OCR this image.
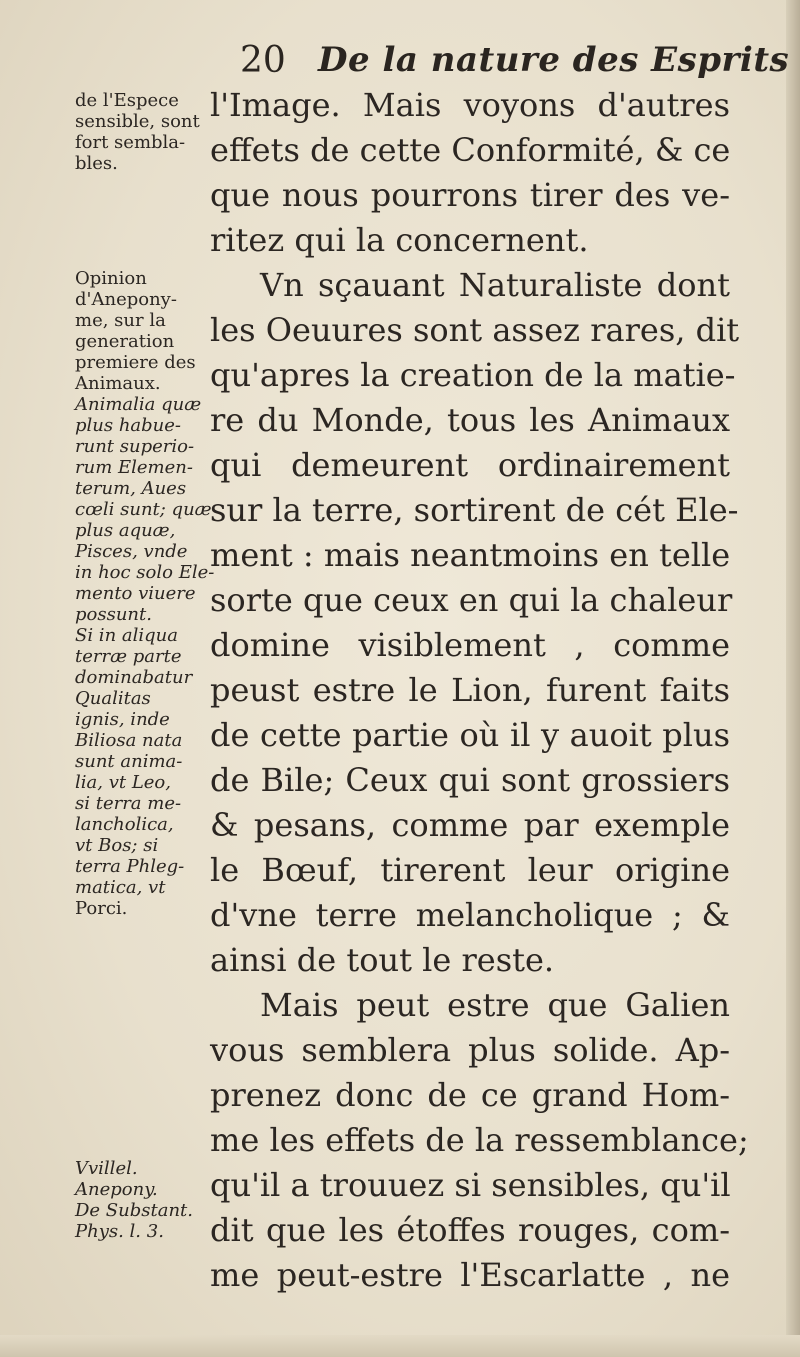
20 De la nature des Esprits
l'Image. Mais voyons d'autres
effets de cette Conformité, & ce
que nous pourrons tirer des ve-
ritez qui la concernent.
Vn sçauant Naturaliste dont
les Oeuures sont assez rares, dit
qu'apres la creation de la matie-
re du Monde, tous les Animaux
qui demeurent ordinairement
sur la terre, sortirent de cét Ele-
ment : mais neantmoins en telle
sorte que ceux en qui la chaleur
domine visiblement , comme
peust estre le Lion, furent faits
de cette partie où il y auoit plus
de Bile; Ceux qui sont grossiers
& pesans, comme par exemple
le Bœuf, tirerent leur origine
d'vne terre melancholique ; &
ainsi de tout le reste.
Mais peut estre que Galien
vous semblera plus solide. Ap-
prenez donc de ce grand Hom-
me les effets de la ressemblance;
qu'il a trouuez si sensibles, qu'il
dit que les étoffes rouges, com-
me peut-estre l'Escarlatte , ne
de l'Espece
sensible, sont
fort sembla-
bles.
Opinion
d'Anepony-
me, sur la
generation
premiere des
Animaux.
Animalia quæ
plus habue-
runt superio-
rum Elemen-
terum, Aues
cœli sunt; quæ
plus aquæ,
Pisces, vnde
in hoc solo Ele-
mento viuere
possunt.
Si in aliqua
terræ parte
dominabatur
Qualitas
ignis, inde
Biliosa nata
sunt anima-
lia, vt Leo,
si terra me-
lancholica,
vt Bos; si
terra Phleg-
matica, vt
Porci.
Vvillel.
Anepony.
De Substant.
Phys. l. 3.
